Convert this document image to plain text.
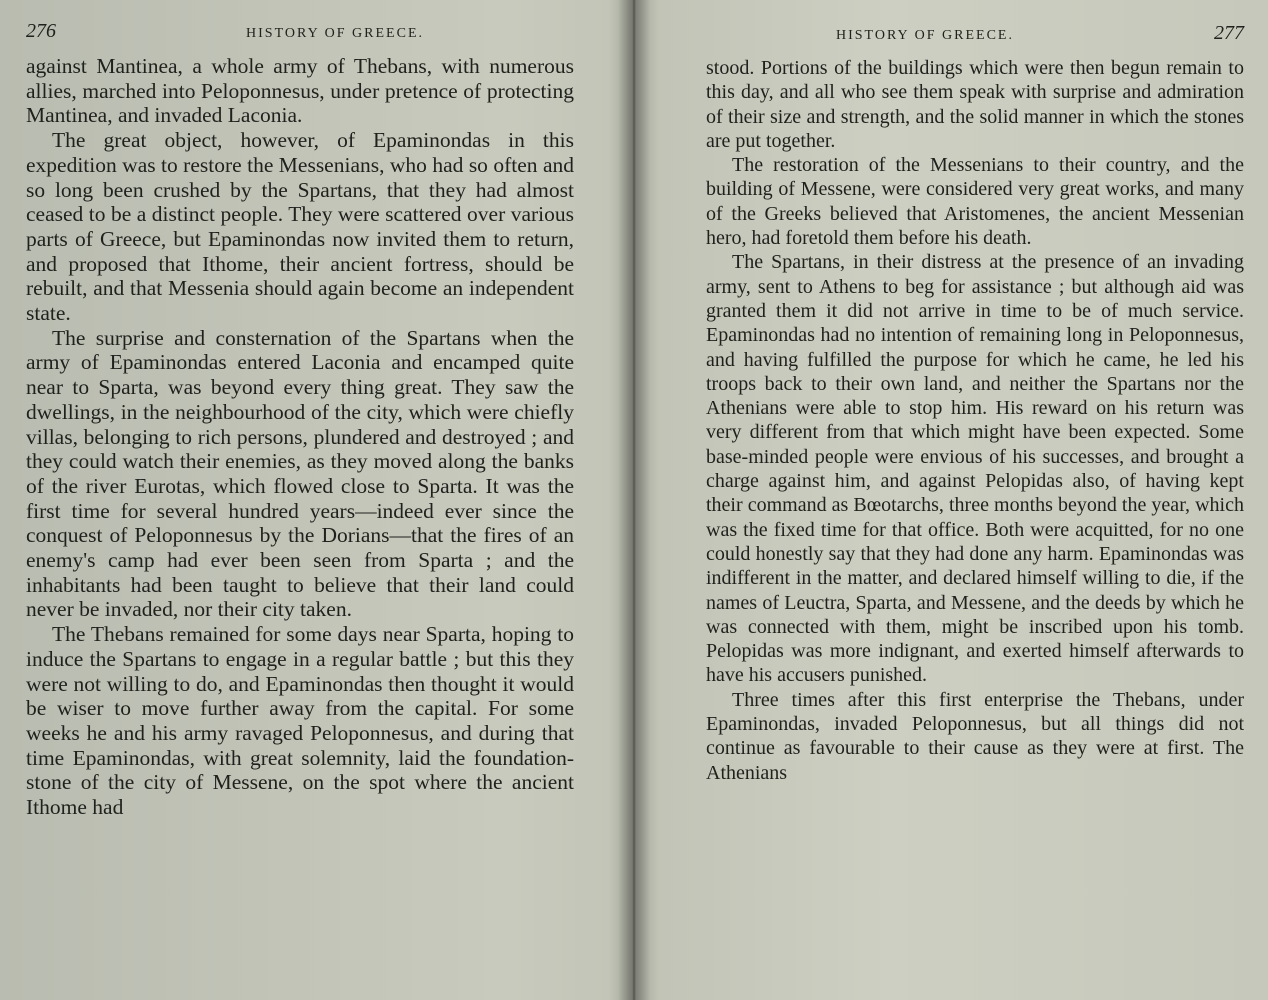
276	HISTORY OF GREECE.

against Mantinea, a whole army of Thebans, with numerous allies, marched into Peloponnesus, under pretence of protecting Mantinea, and invaded Laconia.

The great object, however, of Epaminondas in this expedition was to restore the Messenians, who had so often and so long been crushed by the Spartans, that they had almost ceased to be a distinct people. They were scattered over various parts of Greece, but Epaminondas now invited them to return, and proposed that Ithome, their ancient fortress, should be rebuilt, and that Messenia should again become an independent state.

The surprise and consternation of the Spartans when the army of Epaminondas entered Laconia and encamped quite near to Sparta, was beyond every thing great. They saw the dwellings, in the neighbourhood of the city, which were chiefly villas, belonging to rich persons, plundered and destroyed ; and they could watch their enemies, as they moved along the banks of the river Eurotas, which flowed close to Sparta. It was the first time for several hundred years—indeed ever since the conquest of Peloponnesus by the Dorians—that the fires of an enemy's camp had ever been seen from Sparta ; and the inhabitants had been taught to believe that their land could never be invaded, nor their city taken.

The Thebans remained for some days near Sparta, hoping to induce the Spartans to engage in a regular battle ; but this they were not willing to do, and Epaminondas then thought it would be wiser to move further away from the capital. For some weeks he and his army ravaged Peloponnesus, and during that time Epaminondas, with great solemnity, laid the foundation-stone of the city of Messene, on the spot where the ancient Ithome had

HISTORY OF GREECE.	277

stood. Portions of the buildings which were then begun remain to this day, and all who see them speak with surprise and admiration of their size and strength, and the solid manner in which the stones are put together.

The restoration of the Messenians to their country, and the building of Messene, were considered very great works, and many of the Greeks believed that Aristomenes, the ancient Messenian hero, had foretold them before his death.

The Spartans, in their distress at the presence of an invading army, sent to Athens to beg for assistance ; but although aid was granted them it did not arrive in time to be of much service. Epaminondas had no intention of remaining long in Peloponnesus, and having fulfilled the purpose for which he came, he led his troops back to their own land, and neither the Spartans nor the Athenians were able to stop him. His reward on his return was very different from that which might have been expected. Some base-minded people were envious of his successes, and brought a charge against him, and against Pelopidas also, of having kept their command as Bœotarchs, three months beyond the year, which was the fixed time for that office. Both were acquitted, for no one could honestly say that they had done any harm. Epaminondas was indifferent in the matter, and declared himself willing to die, if the names of Leuctra, Sparta, and Messene, and the deeds by which he was connected with them, might be inscribed upon his tomb. Pelopidas was more indignant, and exerted himself afterwards to have his accusers punished.

Three times after this first enterprise the Thebans, under Epaminondas, invaded Peloponnesus, but all things did not continue as favourable to their cause as they were at first. The Athenians
